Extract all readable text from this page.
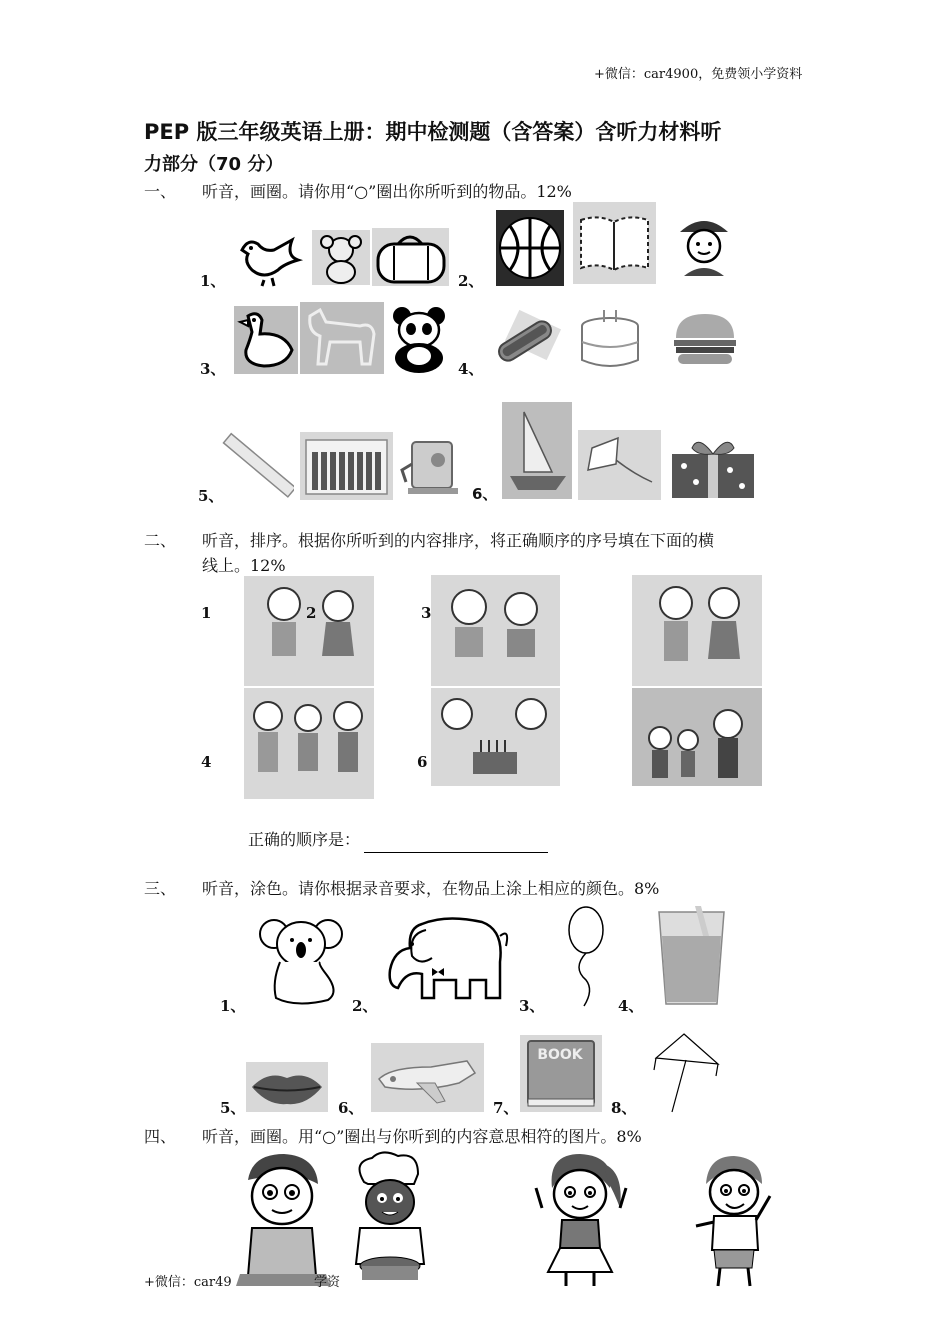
+微信：car4900，免费领小学资料
PEP 版三年级英语上册：期中检测题（含答案）含听力材料听
力部分（70 分）
一、 听音，画圈。请你用“○”圈出你所听到的物品。12%
1、	2、
3、	4、
5、	6、
二、 听音，排序。根据你所听到的内容排序，将正确顺序的序号填在下面的横
线上。12%
1	2	3
4	6
正确的顺序是：
三、 听音，涂色。请你根据录音要求，在物品上涂上相应的颜色。8%
1、	2、	3、	4、
5、	6、	7、
BOOK
8、
四、 听音，画圈。用“○”圈出与你听到的内容意思相符的图片。8%
+微信：car49	学资
